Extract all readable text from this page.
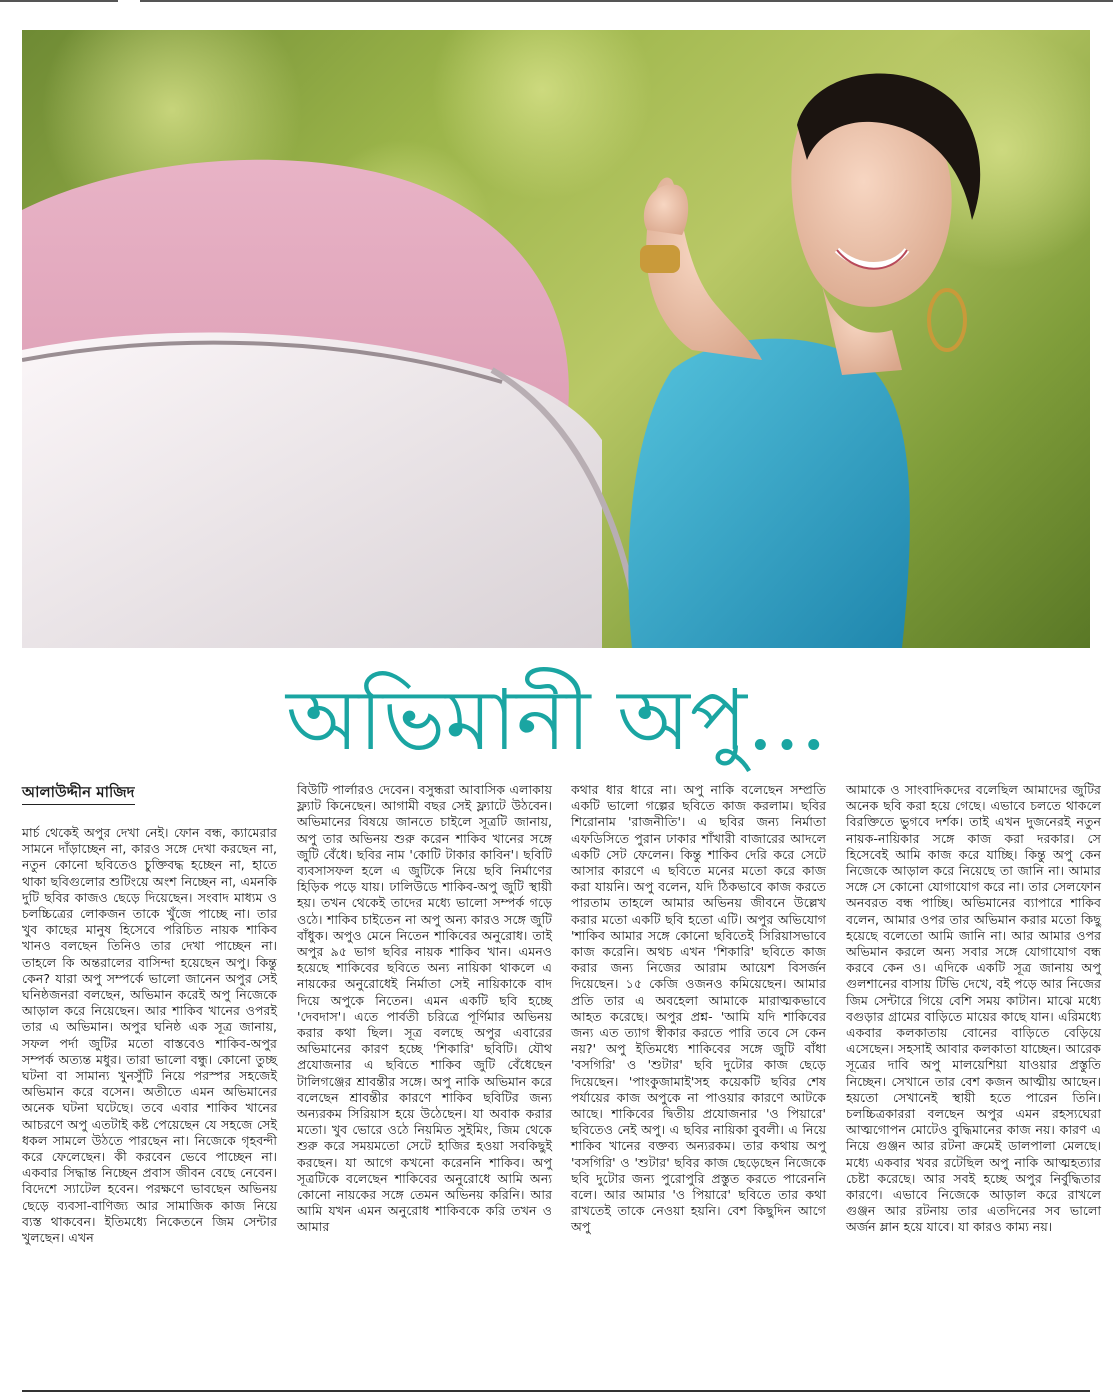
অভিমানী অপু...
আলাউদ্দীন মাজিদ

মার্চ থেকেই অপুর দেখা নেই। ফোন বন্ধ, ক্যামেরার সামনে দাঁড়াচ্ছেন না, কারও সঙ্গে দেখা করছেন না, নতুন কোনো ছবিতেও চুক্তিবদ্ধ হচ্ছেন না, হাতে থাকা ছবিগুলোর শুটিংয়ে অংশ নিচ্ছেন না, এমনকি দুটি ছবির কাজও ছেড়ে দিয়েছেন। সংবাদ মাধ্যম ও চলচ্চিত্রের লোকজন তাকে খুঁজে পাচ্ছে না। তার খুব কাছের মানুষ হিসেবে পরিচিত নায়ক শাকিব খানও বলছেন তিনিও তার দেখা পাচ্ছেন না। তাহলে কি অন্তরালের বাসিন্দা হয়েছেন অপু। কিন্তু কেন? যারা অপু সম্পর্কে ভালো জানেন অপুর সেই ঘনিষ্ঠজনরা বলছেন, অভিমান করেই অপু নিজেকে আড়াল করে নিয়েছেন। আর শাকিব খানের ওপরই তার এ অভিমান। অপুর ঘনিষ্ঠ এক সূত্র জানায়, সফল পর্দা জুটির মতো বাস্তবেও শাকিব-অপুর সম্পর্ক অত্যন্ত মধুর। তারা ভালো বন্ধু। কোনো তুচ্ছ ঘটনা বা সামান্য খুনসুঁটি নিয়ে পরস্পর সহজেই অভিমান করে বসেন। অতীতে এমন অভিমানের অনেক ঘটনা ঘটেছে। তবে এবার শাকিব খানের আচরণে অপু এতটাই কষ্ট পেয়েছেন যে সহজে সেই ধকল সামলে উঠতে পারছেন না। নিজেকে গৃহবন্দী করে ফেলেছেন। কী করবেন ভেবে পাচ্ছেন না। একবার সিদ্ধান্ত নিচ্ছেন প্রবাস জীবন বেছে নেবেন। বিদেশে স্যাটেল হবেন। পরক্ষণে ভাবছেন অভিনয় ছেড়ে ব্যবসা-বাণিজ্য আর সামাজিক কাজ নিয়ে ব্যস্ত থাকবেন। ইতিমধ্যে নিকেতনে জিম সেন্টার খুলছেন। এখন

বিউটি পার্লারও দেবেন। বসুন্ধরা আবাসিক এলাকায় ফ্ল্যাট কিনেছেন। আগামী বছর সেই ফ্ল্যাটে উঠবেন। অভিমানের বিষয়ে জানতে চাইলে সূত্রটি জানায়, অপু তার অভিনয় শুরু করেন শাকিব খানের সঙ্গে জুটি বেঁধে। ছবির নাম 'কোটি টাকার কাবিন'। ছবিটি ব্যবসাসফল হলে এ জুটিকে নিয়ে ছবি নির্মাণের হিড়িক পড়ে যায়। ঢালিউডে শাকিব-অপু জুটি স্থায়ী হয়। তখন থেকেই তাদের মধ্যে ভালো সম্পর্ক গড়ে ওঠে। শাকিব চাইতেন না অপু অন্য কারও সঙ্গে জুটি বাঁধুক। অপুও মেনে নিতেন শাকিবের অনুরোধ। তাই অপুর ৯৫ ভাগ ছবির নায়ক শাকিব খান। এমনও হয়েছে শাকিবের ছবিতে অন্য নায়িকা থাকলে এ নায়কের অনুরোধেই নির্মাতা সেই নায়িকাকে বাদ দিয়ে অপুকে নিতেন। এমন একটি ছবি হচ্ছে 'দেবদাস'। এতে পার্বতী চরিত্রে পূর্ণিমার অভিনয় করার কথা ছিল। সূত্র বলছে অপুর এবারের অভিমানের কারণ হচ্ছে 'শিকারি' ছবিটি। যৌথ প্রযোজনার এ ছবিতে শাকিব জুটি বেঁধেছেন টালিগঞ্জের শ্রাবন্তীর সঙ্গে। অপু নাকি অভিমান করে বলেছেন শ্রাবন্তীর কারণে শাকিব ছবিটির জন্য অন্যরকম সিরিয়াস হয়ে উঠেছেন। যা অবাক করার মতো। খুব ভোরে ওঠে নিয়মিত সুইমিং, জিম থেকে শুরু করে সময়মতো সেটে হাজির হওয়া সবকিছুই করছেন। যা আগে কখনো করেননি শাকিব। অপু সূত্রটিকে বলেছেন শাকিবের অনুরোধে আমি অন্য কোনো নায়কের সঙ্গে তেমন অভিনয় করিনি। আর আমি যখন এমন অনুরোধ শাকিবকে করি তখন ও আমার

কথার ধার ধারে না। অপু নাকি বলেছেন সম্প্রতি একটি ভালো গল্পের ছবিতে কাজ করলাম। ছবির শিরোনাম 'রাজনীতি'। এ ছবির জন্য নির্মাতা এফডিসিতে পুরান ঢাকার শাঁখারী বাজারের আদলে একটি সেট ফেলেন। কিন্তু শাকিব দেরি করে সেটে আসার কারণে এ ছবিতে মনের মতো করে কাজ করা যায়নি। অপু বলেন, যদি ঠিকভাবে কাজ করতে পারতাম তাহলে আমার অভিনয় জীবনে উল্লেখ করার মতো একটি ছবি হতো এটি। অপুর অভিযোগ 'শাকিব আমার সঙ্গে কোনো ছবিতেই সিরিয়াসভাবে কাজ করেনি। অথচ এখন 'শিকারি' ছবিতে কাজ করার জন্য নিজের আরাম আয়েশ বিসর্জন দিয়েছেন। ১৫ কেজি ওজনও কমিয়েছেন। আমার প্রতি তার এ অবহেলা আমাকে মারাত্মকভাবে আহত করেছে। অপুর প্রশ্ন- 'আমি যদি শাকিবের জন্য এত ত্যাগ স্বীকার করতে পারি তবে সে কেন নয়?' অপু ইতিমধ্যে শাকিবের সঙ্গে জুটি বাঁধা 'বসগিরি' ও 'শুটার' ছবি দুটোর কাজ ছেড়ে দিয়েছেন। 'পাংকুজামাই'সহ কয়েকটি ছবির শেষ পর্যায়ের কাজ অপুকে না পাওয়ার কারণে আটকে আছে। শাকিবের দ্বিতীয় প্রযোজনার 'ও পিয়ারে' ছবিতেও নেই অপু। এ ছবির নায়িকা বুবলী। এ নিয়ে শাকিব খানের বক্তব্য অন্যরকম। তার কথায় অপু 'বসগিরি' ও 'শুটার' ছবির কাজ ছেড়েছেন নিজেকে ছবি দুটোর জন্য পুরোপুরি প্রস্তুত করতে পারেননি বলে। আর আমার 'ও পিয়ারে' ছবিতে তার কথা রাখতেই তাকে নেওয়া হয়নি। বেশ কিছুদিন আগে অপু

আমাকে ও সাংবাদিকদের বলেছিল আমাদের জুটির অনেক ছবি করা হয়ে গেছে। এভাবে চলতে থাকলে বিরক্তিতে ভুগবে দর্শক। তাই এখন দুজনেরই নতুন নায়ক-নায়িকার সঙ্গে কাজ করা দরকার। সে হিসেবেই আমি কাজ করে যাচ্ছি। কিন্তু অপু কেন নিজেকে আড়াল করে নিয়েছে তা জানি না। আমার সঙ্গে সে কোনো যোগাযোগ করে না। তার সেলফোন অনবরত বন্ধ পাচ্ছি। অভিমানের ব্যাপারে শাকিব বলেন, আমার ওপর তার অভিমান করার মতো কিছু হয়েছে বলেতো আমি জানি না। আর আমার ওপর অভিমান করলে অন্য সবার সঙ্গে যোগাযোগ বন্ধ করবে কেন ও। এদিকে একটি সূত্র জানায় অপু গুলশানের বাসায় টিভি দেখে, বই পড়ে আর নিজের জিম সেন্টারে গিয়ে বেশি সময় কাটান। মাঝে মধ্যে বগুড়ার গ্রামের বাড়িতে মায়ের কাছে যান। এরিমধ্যে একবার কলকাতায় বোনের বাড়িতে বেড়িয়ে এসেছেন। সহসাই আবার কলকাতা যাচ্ছেন। আরেক সূত্রের দাবি অপু মালয়েশিয়া যাওয়ার প্রস্তুতি নিচ্ছেন। সেখানে তার বেশ কজন আত্মীয় আছেন। হয়তো সেখানেই স্থায়ী হতে পারেন তিনি। চলচ্চিত্রকাররা বলছেন অপুর এমন রহস্যঘেরা আত্মগোপন মোটেও বুদ্ধিমানের কাজ নয়। কারণ এ নিয়ে গুঞ্জন আর রটনা ক্রমেই ডালপালা মেলছে। মধ্যে একবার খবর রটেছিল অপু নাকি আত্মহত্যার চেষ্টা করেছে। আর সবই হচ্ছে অপুর নির্বুদ্ধিতার কারণে। এভাবে নিজেকে আড়াল করে রাখলে গুঞ্জন আর রটনায় তার এতদিনের সব ভালো অর্জন ম্লান হয়ে যাবে। যা কারও কাম্য নয়।
